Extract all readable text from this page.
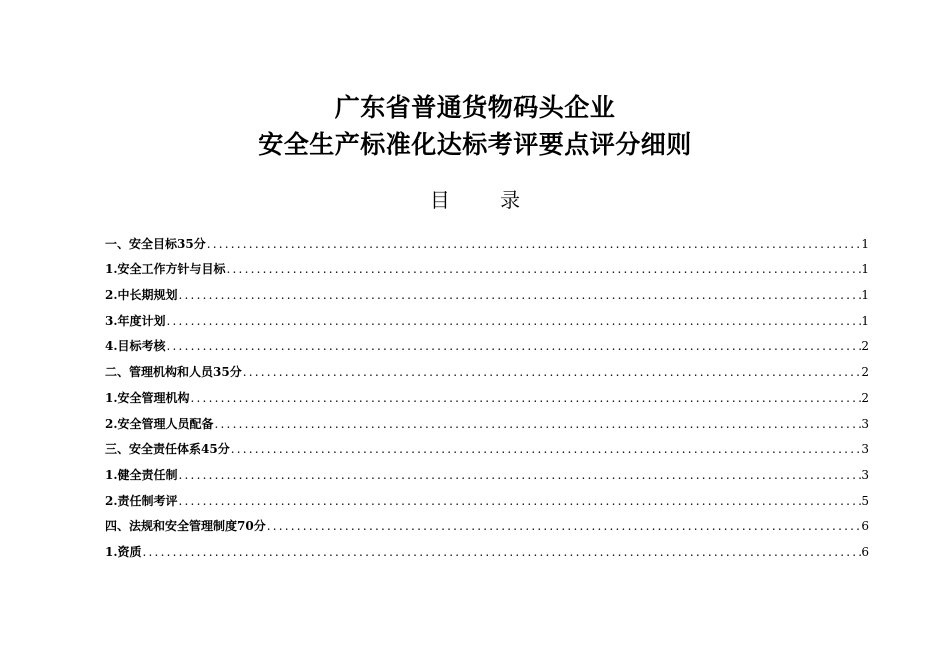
广东省普通货物码头企业
安全生产标准化达标考评要点评分细则
目 录
一、安全目标35分 .....	1
1.安全工作方针与目标 .....	1
2.中长期规划 .....	1
3.年度计划 .....	1
4.目标考核 .....	2
二、管理机构和人员35分 .....	2
1.安全管理机构 .....	2
2.安全管理人员配备 .....	3
三、安全责任体系45分 .....	3
1.健全责任制 .....	3
2.责任制考评 .....	5
四、法规和安全管理制度70分 .....	6
1.资质 .....	6
